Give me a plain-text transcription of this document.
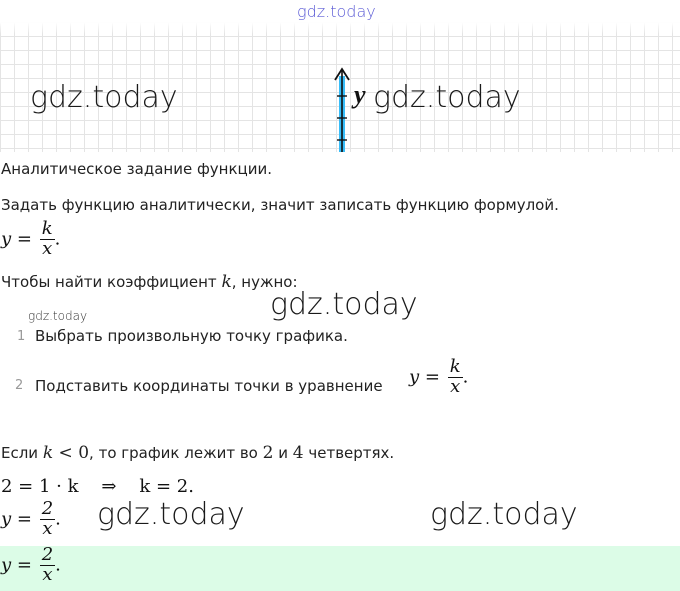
gdz.today
gdz.today	y gdz.today
Аналитическое задание функции.
Задать функцию аналитически, значит записать функцию формулой.
$y = \frac{k}{x}$ .
Чтобы найти коэффициент k, нужно:
gdz.today
gdz.today
1 Выбрать произвольную точку графика.
2 Подставить координаты точки в уравнение $y = \frac{k}{x}$ .
Если k < 0, то график лежит во 2 и 4 четвертях.
2 = 1 · k    ⇒    k = 2.
$y = \frac{2}{x}$ . gdz.today	gdz.today
$y = \frac{2}{x}$ .
